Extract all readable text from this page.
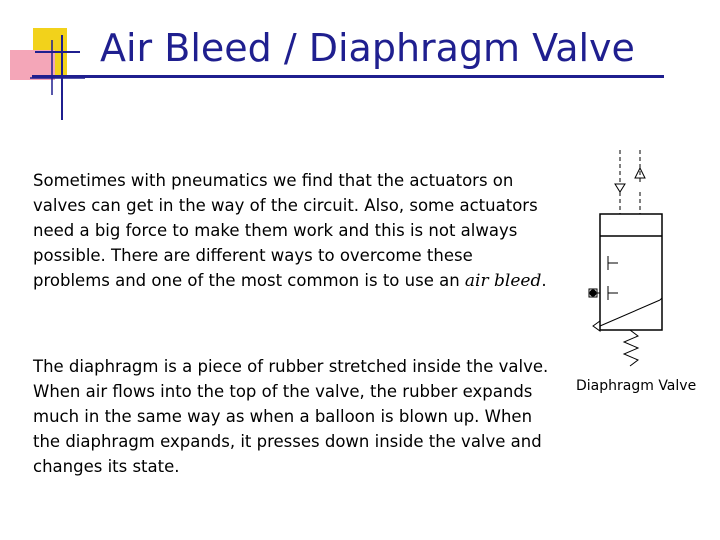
Air Bleed / Diaphragm Valve

Sometimes with pneumatics we find that the actuators on valves can get in the way of the circuit. Also, some actuators need a big force to make them work and this is not always possible. There are different ways to overcome these problems and one of the most common is to use an air bleed.

The diaphragm is a piece of rubber stretched inside the valve. When air flows into the top of the valve, the rubber expands much in the same way as when a balloon is blown up. When the diaphragm expands, it presses down inside the valve and changes its state.

Diaphragm Valve
